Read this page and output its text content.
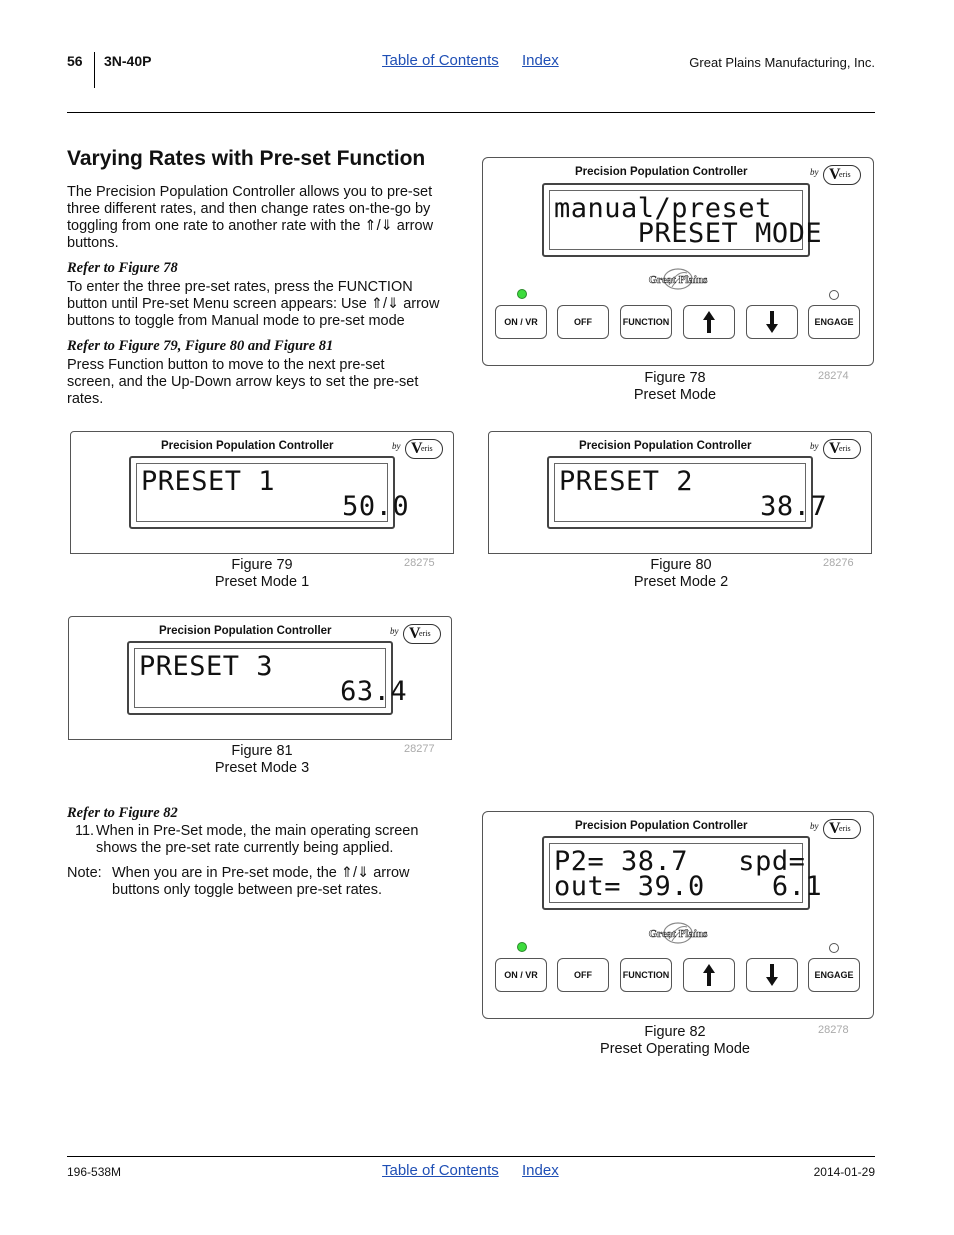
56 3N-40P	Table of Contents Index	Great Plains Manufacturing, Inc.
Varying Rates with Pre-set Function
The Precision Population Controller allows you to pre-set
three different rates, and then change rates on-the-go by
toggling from one rate to another rate with the ⇑/⇓ arrow
buttons.
Refer to Figure 78
To enter the three pre-set rates, press the FUNCTION
button until Pre-set Menu screen appears: Use ⇑/⇓ arrow
buttons to toggle from Manual mode to pre-set mode
Refer to Figure 79, Figure 80 and Figure 81
Press Function button to move to the next pre-set
screen, and the Up-Down arrow keys to set the pre-set
rates.
Refer to Figure 82
11. When in Pre-Set mode, the main operating screen
shows the pre-set rate currently being applied.
Note: When you are in Pre-set mode, the ⇑/⇓ arrow
buttons only toggle between pre-set rates.
Precision Population Controller	by V
eris
manual/preset
PRESET MODE
Great Plains
ON / VR	OFF	FUNCTION	ENGAGE
Figure 78
Preset Mode
28274
Precision Population Controller	by V
eris
PRESET 1
50.0
Figure 79
Preset Mode 1
28275
Precision Population Controller	by V
eris
PRESET 2
38.7
Figure 80
Preset Mode 2
28276
Precision Population Controller	by V
eris
PRESET 3
63.4
Figure 81
Preset Mode 3
28277
Precision Population Controller	by V
eris
P2= 38.7   spd=
out= 39.0    6.1
Great Plains
ON / VR	OFF	FUNCTION	ENGAGE
Figure 82
Preset Operating Mode
28278
196-538M	Table of Contents Index	2014-01-29
